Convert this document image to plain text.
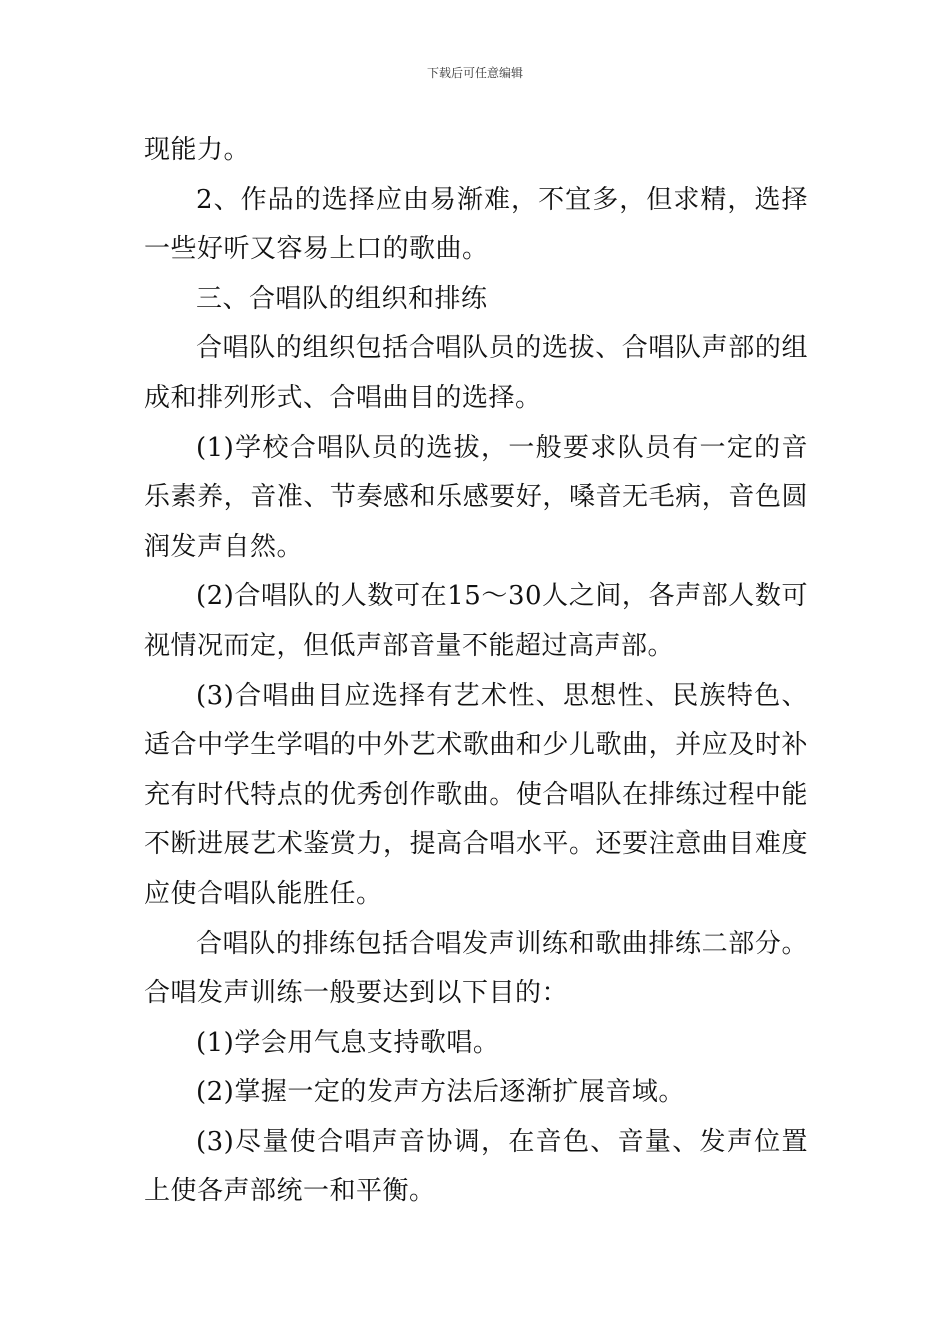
下载后可任意编辑

现能力。

2、作品的选择应由易渐难，不宜多，但求精，选择一些好听又容易上口的歌曲。

三、合唱队的组织和排练

合唱队的组织包括合唱队员的选拔、合唱队声部的组成和排列形式、合唱曲目的选择。

(1)学校合唱队员的选拔，一般要求队员有一定的音乐素养，音准、节奏感和乐感要好，嗓音无毛病，音色圆润发声自然。

(2)合唱队的人数可在15～30人之间，各声部人数可视情况而定，但低声部音量不能超过高声部。

(3)合唱曲目应选择有艺术性、思想性、民族特色、适合中学生学唱的中外艺术歌曲和少儿歌曲，并应及时补充有时代特点的优秀创作歌曲。使合唱队在排练过程中能不断进展艺术鉴赏力，提高合唱水平。还要注意曲目难度应使合唱队能胜任。

合唱队的排练包括合唱发声训练和歌曲排练二部分。合唱发声训练一般要达到以下目的：

(1)学会用气息支持歌唱。

(2)掌握一定的发声方法后逐渐扩展音域。

(3)尽量使合唱声音协调，在音色、音量、发声位置上使各声部统一和平衡。
